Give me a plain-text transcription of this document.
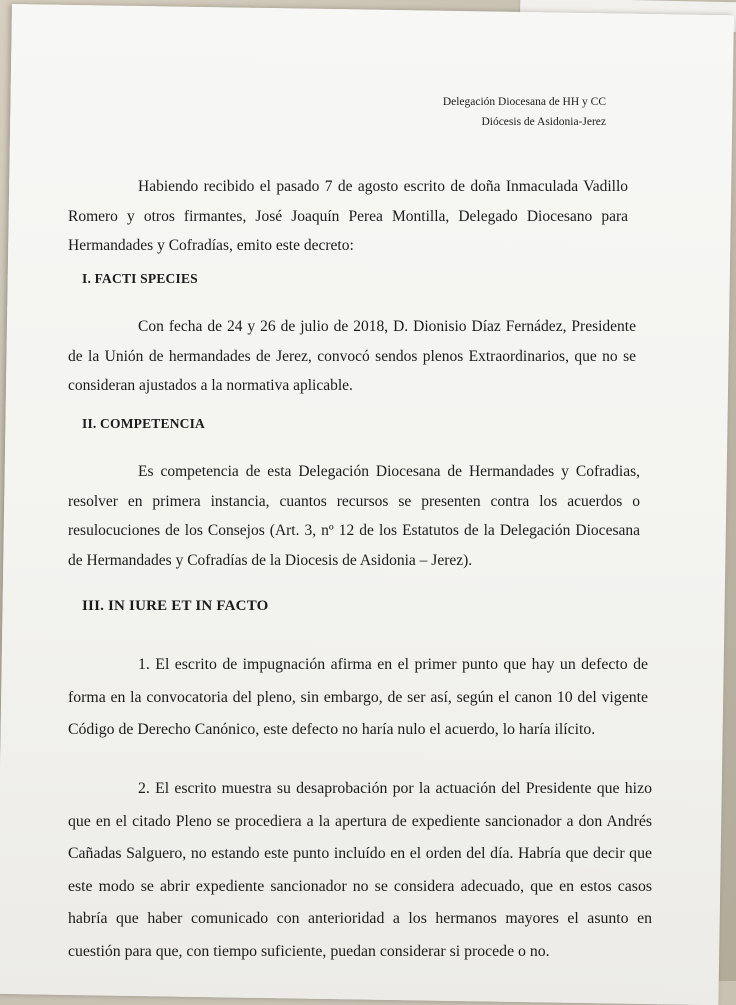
Delegación Diocesana de HH y CC
Diócesis de Asidonia-Jerez
Habiendo recibido el pasado 7 de agosto escrito de doña Inmaculada Vadillo Romero y otros firmantes, José Joaquín Perea Montilla, Delegado Diocesano para Hermandades y Cofradías, emito este decreto:
I. FACTI SPECIES
Con fecha de 24 y 26 de julio de 2018, D. Dionisio Díaz Fernádez, Presidente de la Unión de hermandades de Jerez, convocó sendos plenos Extraordinarios, que no se consideran ajustados a la normativa aplicable.
II. COMPETENCIA
Es competencia de esta Delegación Diocesana de Hermandades y Cofradias, resolver en primera instancia, cuantos recursos se presenten contra los acuerdos o resulocuciones de los Consejos (Art. 3, nº 12 de los Estatutos de la Delegación Diocesana de Hermandades y Cofradías de la Diocesis de Asidonia – Jerez).
III. IN IURE ET IN FACTO
1. El escrito de impugnación afirma en el primer punto que hay un defecto de forma en la convocatoria del pleno, sin embargo, de ser así, según el canon 10 del vigente Código de Derecho Canónico, este defecto no haría nulo el acuerdo, lo haría ilícito.
2. El escrito muestra su desaprobación por la actuación del Presidente que hizo que en el citado Pleno se procediera a la apertura de expediente sancionador a don Andrés Cañadas Salguero, no estando este punto incluído en el orden del día. Habría que decir que este modo se abrir expediente sancionador no se considera adecuado, que en estos casos habría que haber comunicado con anterioridad a los hermanos mayores el asunto en cuestión para que, con tiempo suficiente, puedan considerar si procede o no.
